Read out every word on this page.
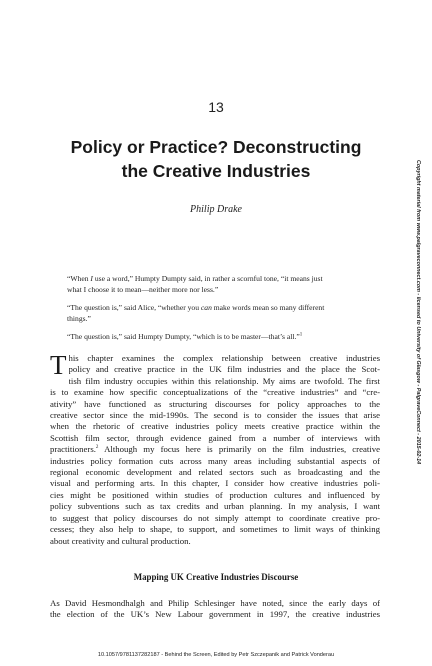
13
Policy or Practice? Deconstructing
the Creative Industries
Philip Drake

“When I use a word,” Humpty Dumpty said, in rather a scornful tone, “it means just
what I choose it to mean—neither more nor less.”

“The question is,” said Alice, “whether you can make words mean so many different
things.”

“The question is,” said Humpty Dumpty, “which is to be master—that’s all.”$^1$

T his chapter examines the complex relationship between creative industries
policy and creative practice in the UK film industries and the place the Scot-
tish film industry occupies within this relationship. My aims are twofold. The first
is to examine how specific conceptualizations of the “creative industries” and “cre-
ativity” have functioned as structuring discourses for policy approaches to the
creative sector since the mid-1990s. The second is to consider the issues that arise
when the rhetoric of creative industries policy meets creative practice within the
Scottish film sector, through evidence gained from a number of interviews with
practitioners.$^2$ Although my focus here is primarily on the film industries, creative
industries policy formation cuts across many areas including substantial aspects of
regional economic development and related sectors such as broadcasting and the
visual and performing arts. In this chapter, I consider how creative industries poli-
cies might be positioned within studies of production cultures and influenced by
policy subventions such as tax credits and urban planning. In my analysis, I want
to suggest that policy discourses do not simply attempt to coordinate creative pro-
cesses; they also help to shape, to support, and sometimes to limit ways of thinking
about creativity and cultural production.
Mapping UK Creative Industries Discourse
As David Hesmondhalgh and Philip Schlesinger have noted, since the early days of
the election of the UK’s New Labour government in 1997, the creative industries
10.1057/9781137282187 - Behind the Screen, Edited by Petr Szczepanik and Patrick Vonderau
Copyright material from www.palgraveconnect.com - licensed to University of Glasgow - PalgraveConnect - 2015-02-14
